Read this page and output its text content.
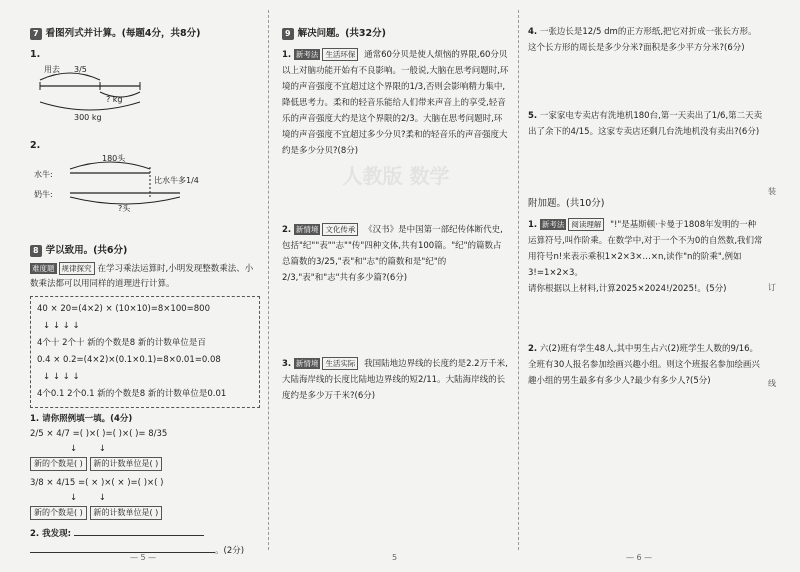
7 看图列式并计算。(每题4分，共8分)
1.
用去 3/5
? kg
300 kg
2.
180头
水牛:
奶牛:
比水牛多1/4
?头
8 学以致用。(共6分)
难度题 规律探究 在学习乘法运算时,小明发现整数乘法、小数乘法都可以用同样的道理进行计算。
40 × 20=(4×2) × (10×10)=8×100=800
↓ ↓ ↓ ↓
4个十 2个十 新的个数是8 新的计数单位是百
0.4 × 0.2=(4×2)×(0.1×0.1)=8×0.01=0.08
↓ ↓ ↓ ↓
4个0.1 2个0.1 新的个数是8 新的计数单位是0.01
1. 请你照例填一填。(4分)
2/5 × 4/7 =( )×( )=( )×( )= 8/35
↓        ↓
新的个数是( ) 新的计数单位是( )
3/8 × 4/15 =( × )×( × )=( )×( )
↓        ↓
新的个数是( ) 新的计数单位是( )
2. 我发现:
。(2分)
9 解决问题。(共32分)
1. 新考法 生活环保 通常60分贝是使人烦恼的界限,60分贝以上对脑功能开始有不良影响。一般说,大脑在思考问题时,环境的声音强度不宜超过这个界限的1/3,否则会影响精力集中,降低思考力。柔和的轻音乐能给人们带来声音上的享受,轻音乐的声音强度大约是这个界限的2/3。大脑在思考问题时,环境的声音强度不宜超过多少分贝?柔和的轻音乐的声音强度大约是多少分贝?(8分)
人教版 数学
2. 新情境 文化传承 《汉书》是中国第一部纪传体断代史,包括"纪""表""志""传"四种文体,共有100篇。"纪"的篇数占总篇数的3/25,"表"和"志"的篇数和是"纪"的2/3,"表"和"志"共有多少篇?(6分)
3. 新情境 生活实际 我国陆地边界线的长度约是2.2万千米,大陆海岸线的长度比陆地边界线的短2/11。大陆海岸线的长度约是多少万千米?(6分)
4. 一张边长是12/5 dm的正方形纸,把它对折成一张长方形。这个长方形的周长是多少分米?面积是多少平方分米?(6分)
5. 一家家电专卖店有洗地机180台,第一天卖出了1/6,第二天卖出了余下的4/15。这家专卖店还剩几台洗地机没有卖出?(6分)
附加题。(共10分)
1. 新考法 阅读理解 "!"是基斯顿·卡曼于1808年发明的一种运算符号,叫作阶乘。在数学中,对于一个不为0的自然数,我们常用符号n!来表示乘积1×2×3×…×n,读作"n的阶乘",例如3!=1×2×3。
请你根据以上材料,计算2025×2024!/2025!。(5分)
2. 六(2)班有学生48人,其中男生占六(2)班学生人数的9/16。全班有30人报名参加绘画兴趣小组。则这个班报名参加绘画兴趣小组的男生最多有多少人?最少有多少人?(5分)
装
订
线
— 5 —	5	— 6 —
